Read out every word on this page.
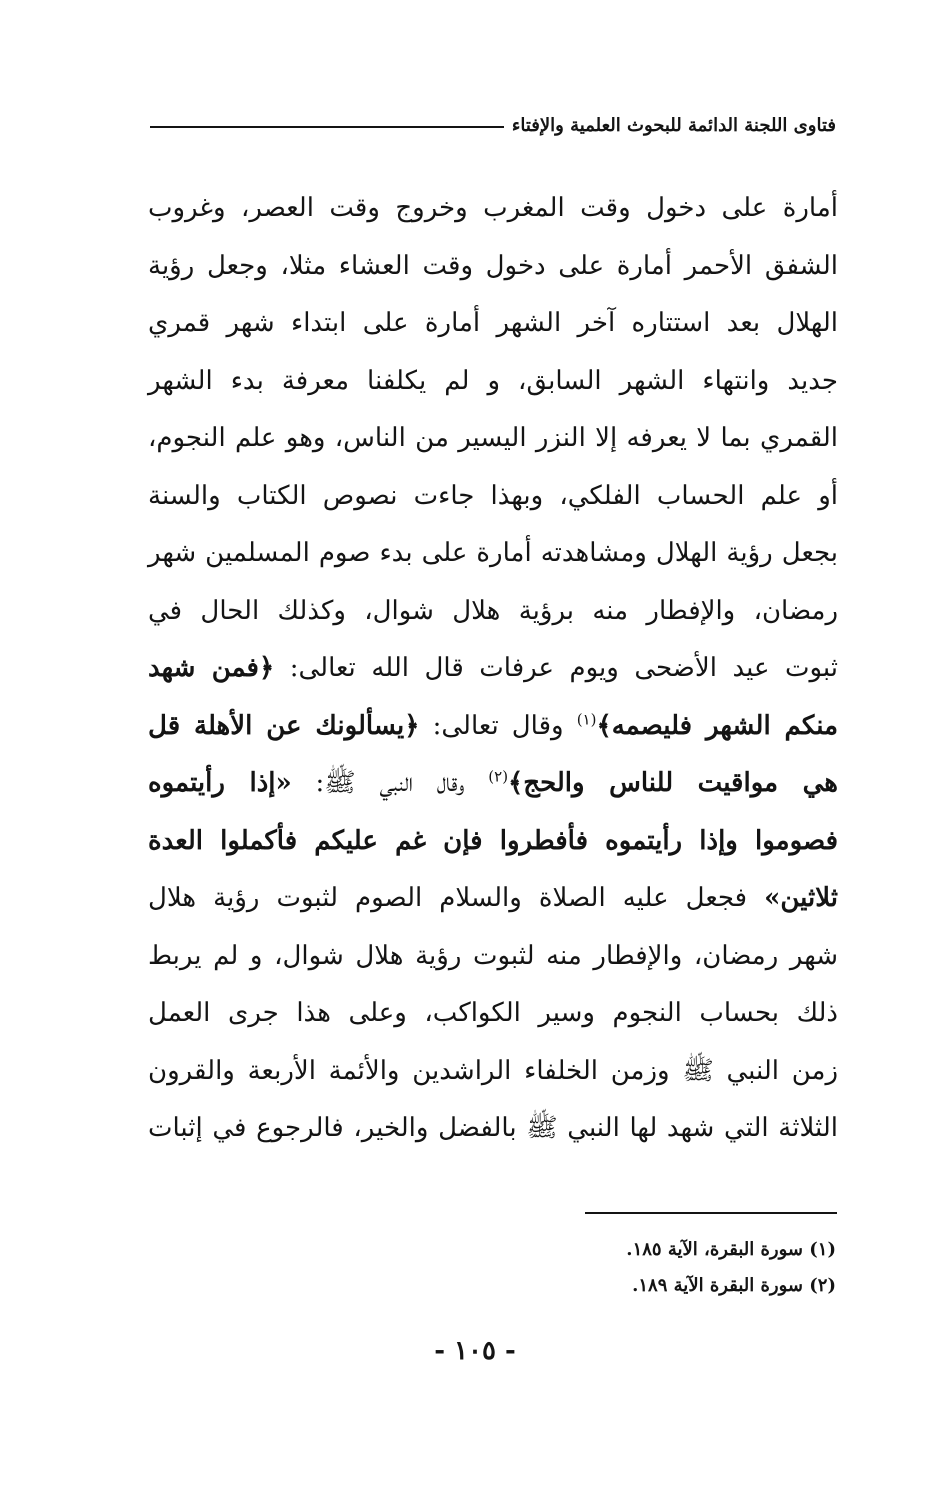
فتاوى اللجنة الدائمة للبحوث العلمية والإفتاء
أمارة على دخول وقت المغرب وخروج وقت العصر، وغروب
الشفق الأحمر أمارة على دخول وقت العشاء مثلا، وجعل رؤية
الهلال بعد استتاره آخر الشهر أمارة على ابتداء شهر قمري
جديد وانتهاء الشهر السابق، و لم يكلفنا معرفة بدء الشهر
القمري بما لا يعرفه إلا النزر اليسير من الناس، وهو علم النجوم،
أو علم الحساب الفلكي، وبهذا جاءت نصوص الكتاب والسنة
بجعل رؤية الهلال ومشاهدته أمارة على بدء صوم المسلمين شهر
رمضان، والإفطار منه برؤية هلال شوال، وكذلك الحال في
ثبوت عيد الأضحى ويوم عرفات قال الله تعالى: ﴿فمن شهد
منكم الشهر فليصمه﴾$^{(١)}$ وقال تعالى: ﴿يسألونك عن الأهلة قل
هي مواقيت للناس والحج﴾$^{(٢)}$ وقال النبي ﷺ: «إذا رأيتموه
فصوموا وإذا رأيتموه فأفطروا فإن غم عليكم فأكملوا العدة
ثلاثين» فجعل عليه الصلاة والسلام الصوم لثبوت رؤية هلال
شهر رمضان، والإفطار منه لثبوت رؤية هلال شوال، و لم يربط
ذلك بحساب النجوم وسير الكواكب، وعلى هذا جرى العمل
زمن النبي ﷺ وزمن الخلفاء الراشدين والأئمة الأربعة والقرون
الثلاثة التي شهد لها النبي ﷺ بالفضل والخير، فالرجوع في إثبات
(١) سورة البقرة، الآية ١٨٥.
(٢) سورة البقرة الآية ١٨٩.
- ١٠٥ -
